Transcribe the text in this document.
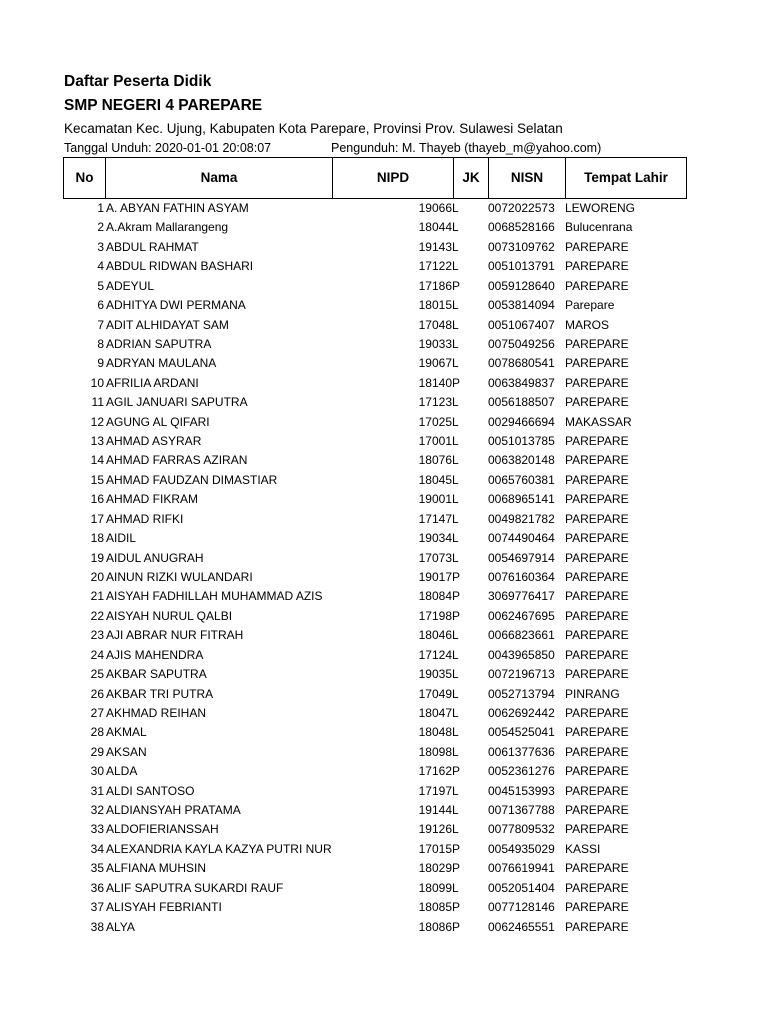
Daftar Peserta Didik
SMP NEGERI 4 PAREPARE
Kecamatan Kec. Ujung, Kabupaten Kota Parepare, Provinsi Prov. Sulawesi Selatan
Tanggal Unduh: 2020-01-01 20:08:07	Pengunduh: M. Thayeb (thayeb_m@yahoo.com)
No	Nama	NIPD	JK	NISN	Tempat Lahir
1 A. ABYAN FATHIN ASYAM	19066 L 0072022573 LEWORENG
2 A.Akram Mallarangeng	18044 L 0068528166 Bulucenrana
3 ABDUL RAHMAT	19143 L 0073109762 PAREPARE
4 ABDUL RIDWAN BASHARI	17122 L 0051013791 PAREPARE
5 ADEYUL	17186 P 0059128640 PAREPARE
6 ADHITYA DWI PERMANA	18015 L 0053814094 Parepare
7 ADIT ALHIDAYAT SAM	17048 L 0051067407 MAROS
8 ADRIAN SAPUTRA	19033 L 0075049256 PAREPARE
9 ADRYAN MAULANA	19067 L 0078680541 PAREPARE
10 AFRILIA ARDANI	18140 P 0063849837 PAREPARE
11 AGIL JANUARI SAPUTRA	17123 L 0056188507 PAREPARE
12 AGUNG AL QIFARI	17025 L 0029466694 MAKASSAR
13 AHMAD ASYRAR	17001 L 0051013785 PAREPARE
14 AHMAD FARRAS AZIRAN	18076 L 0063820148 PAREPARE
15 AHMAD FAUDZAN DIMASTIAR	18045 L 0065760381 PAREPARE
16 AHMAD FIKRAM	19001 L 0068965141 PAREPARE
17 AHMAD RIFKI	17147 L 0049821782 PAREPARE
18 AIDIL	19034 L 0074490464 PAREPARE
19 AIDUL ANUGRAH	17073 L 0054697914 PAREPARE
20 AINUN RIZKI WULANDARI	19017 P 0076160364 PAREPARE
21 AISYAH FADHILLAH MUHAMMAD AZIS	18084 P 3069776417 PAREPARE
22 AISYAH NURUL QALBI	17198 P 0062467695 PAREPARE
23 AJI ABRAR NUR FITRAH	18046 L 0066823661 PAREPARE
24 AJIS MAHENDRA	17124 L 0043965850 PAREPARE
25 AKBAR SAPUTRA	19035 L 0072196713 PAREPARE
26 AKBAR TRI PUTRA	17049 L 0052713794 PINRANG
27 AKHMAD REIHAN	18047 L 0062692442 PAREPARE
28 AKMAL	18048 L 0054525041 PAREPARE
29 AKSAN	18098 L 0061377636 PAREPARE
30 ALDA	17162 P 0052361276 PAREPARE
31 ALDI SANTOSO	17197 L 0045153993 PAREPARE
32 ALDIANSYAH PRATAMA	19144 L 0071367788 PAREPARE
33 ALDOFIERIANSSAH	19126 L 0077809532 PAREPARE
34 ALEXANDRIA KAYLA KAZYA PUTRI NUR	17015 P 0054935029 KASSI
35 ALFIANA MUHSIN	18029 P 0076619941 PAREPARE
36 ALIF SAPUTRA SUKARDI RAUF	18099 L 0052051404 PAREPARE
37 ALISYAH FEBRIANTI	18085 P 0077128146 PAREPARE
38 ALYA	18086 P 0062465551 PAREPARE
